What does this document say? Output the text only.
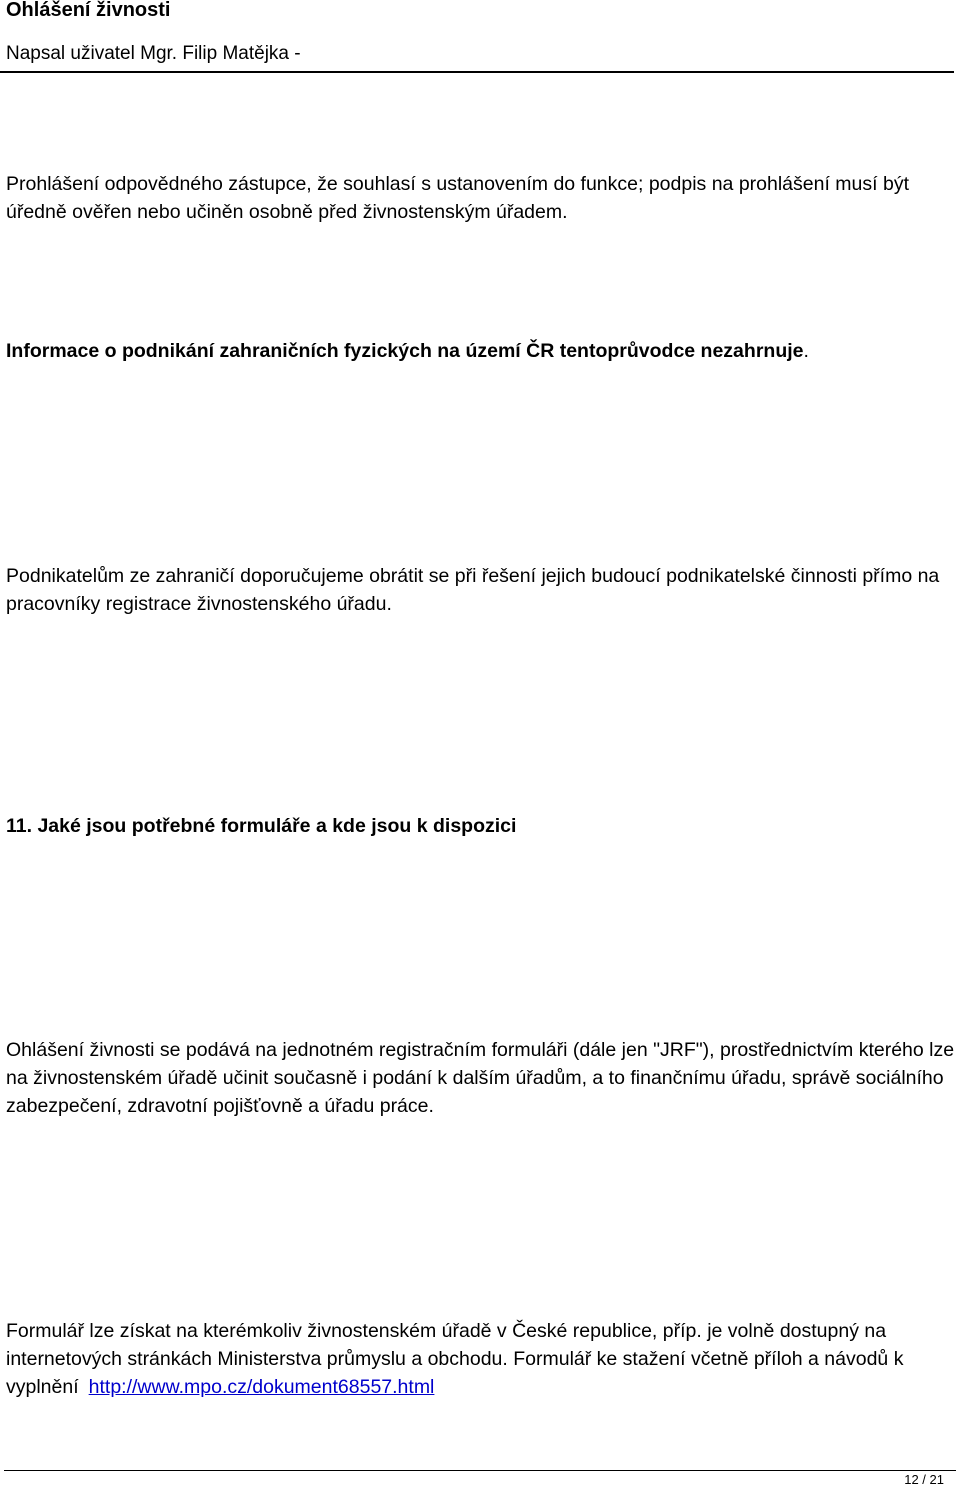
Ohlášení živnosti
Napsal uživatel Mgr. Filip Matějka -

Prohlášení odpovědného zástupce, že souhlasí s ustanovením do funkce; podpis na prohlášení musí být úředně ověřen nebo učiněn osobně před živnostenským úřadem.

Informace o podnikání zahraničních fyzických na území ČR tentoprůvodce nezahrnuje.

Podnikatelům ze zahraničí doporučujeme obrátit se při řešení jejich budoucí podnikatelské činnosti přímo na pracovníky registrace živnostenského úřadu.

11. Jaké jsou potřebné formuláře a kde jsou k dispozici

Ohlášení živnosti se podává na jednotném registračním formuláři (dále jen "JRF"), prostřednictvím kterého lze na živnostenském úřadě učinit současně i podání k dalším úřadům, a to finančnímu úřadu, správě sociálního zabezpečení, zdravotní pojišťovně a úřadu práce.

Formulář lze získat na kterémkoliv živnostenském úřadě v České republice, příp. je volně dostupný na internetových stránkách Ministerstva průmyslu a obchodu. Formulář ke stažení včetně příloh a návodů k vyplnění http://www.mpo.cz/dokument68557.html

12 / 21
